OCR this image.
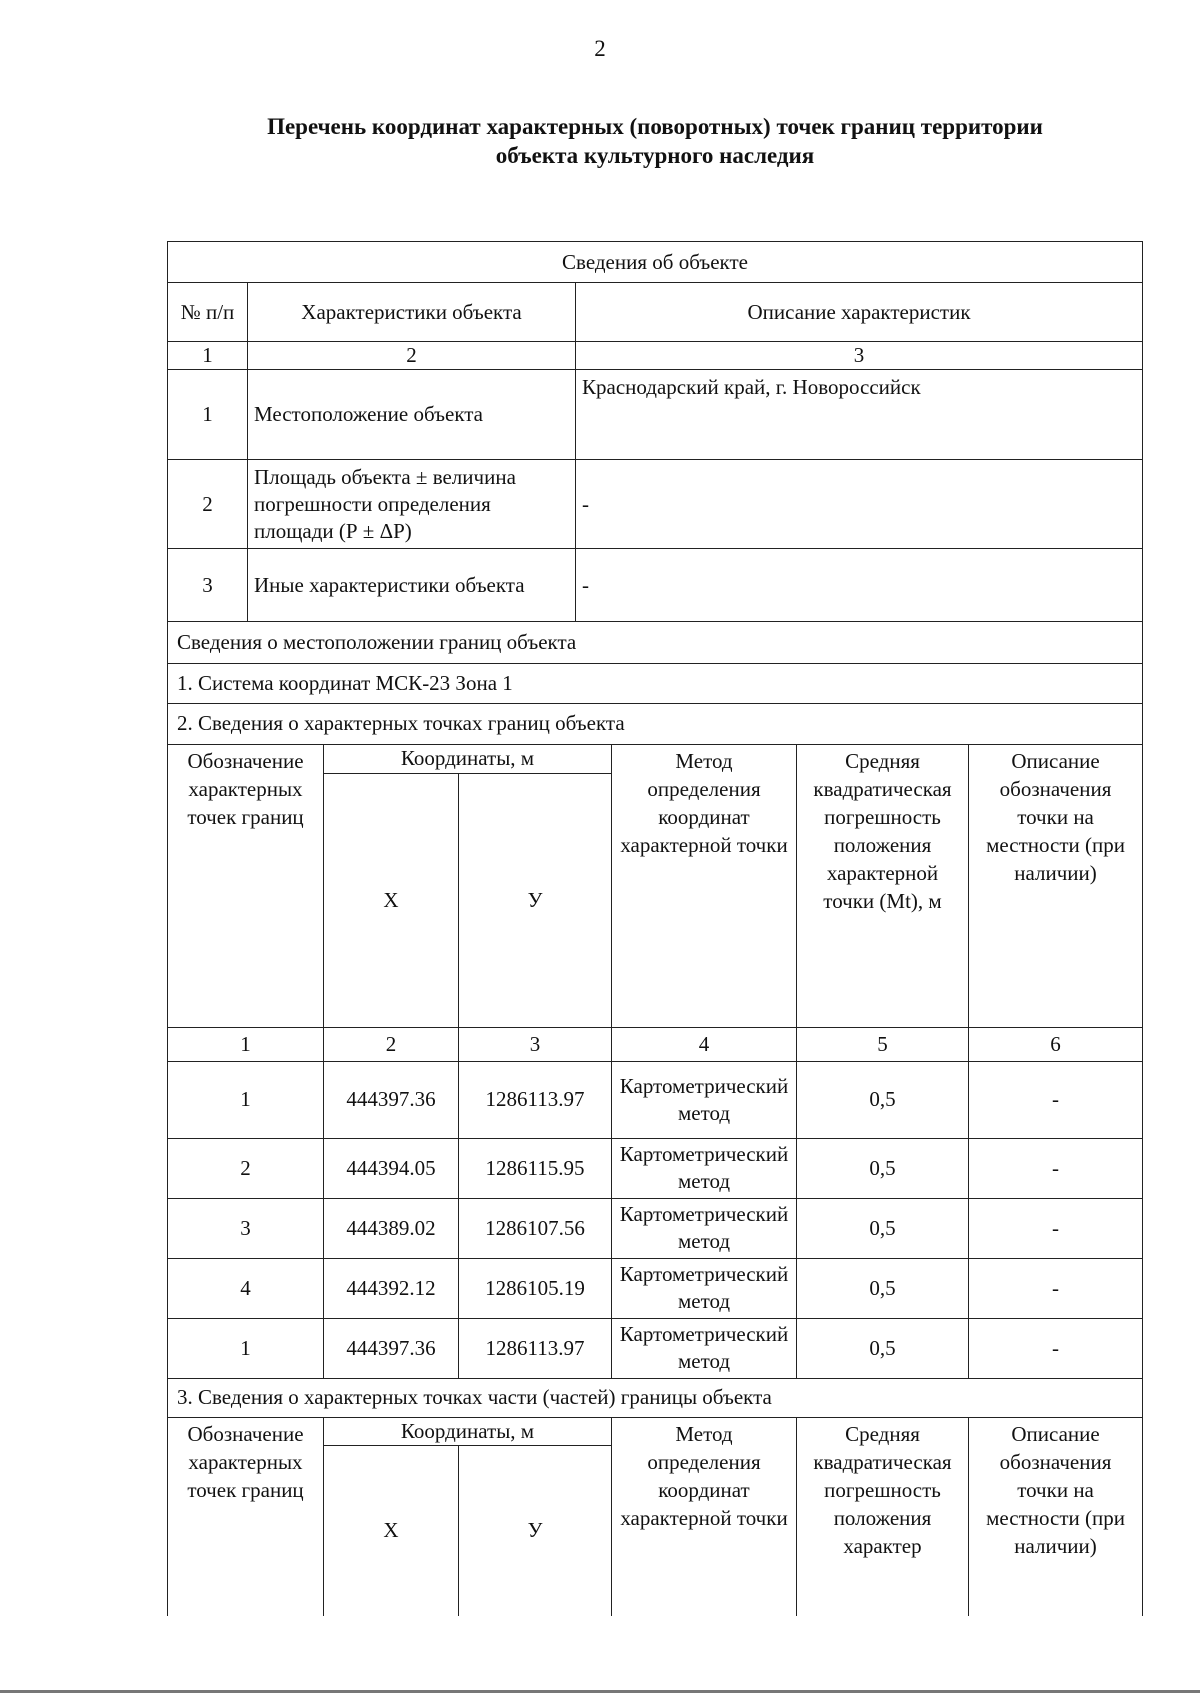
2
Перечень координат характерных (поворотных) точек границ территории
объекта культурного наследия
Сведения об объекте		
№ п/п	Характеристики объекта	Описание характеристик
1	2	3
1	Местоположение объекта	Краснодарский край, г. Новороссийск
2	Площадь объекта ± величина погрешности определения площади (Р ± ΔР)	-
3	Иные характеристики объекта	-
Сведения о местоположении границ объекта					
1. Система координат МСК-23 Зона 1					
2. Сведения о характерных точках границ объекта					
Обозначение характерных точек границ	Координаты, м		Метод определения координат характерной точки	Средняя квадратическая погрешность положения характерной точки (Mt), м	Описание обозначения точки на местности (при наличии)
	X	У			
1	2	3	4	5	6
1	444397.36	1286113.97	Картометрический метод	0,5	-
2	444394.05	1286115.95	Картометрический метод	0,5	-
3	444389.02	1286107.56	Картометрический метод	0,5	-
4	444392.12	1286105.19	Картометрический метод	0,5	-
1	444397.36	1286113.97	Картометрический метод	0,5	-
3. Сведения о характерных точках части (частей) границы объекта					
Обозначение характерных точек границ	Координаты, м		Метод определения координат характерной точки	Средняя квадратическая погрешность положения характер	Описание обозначения точки на местности (при наличии)
	X	У			
